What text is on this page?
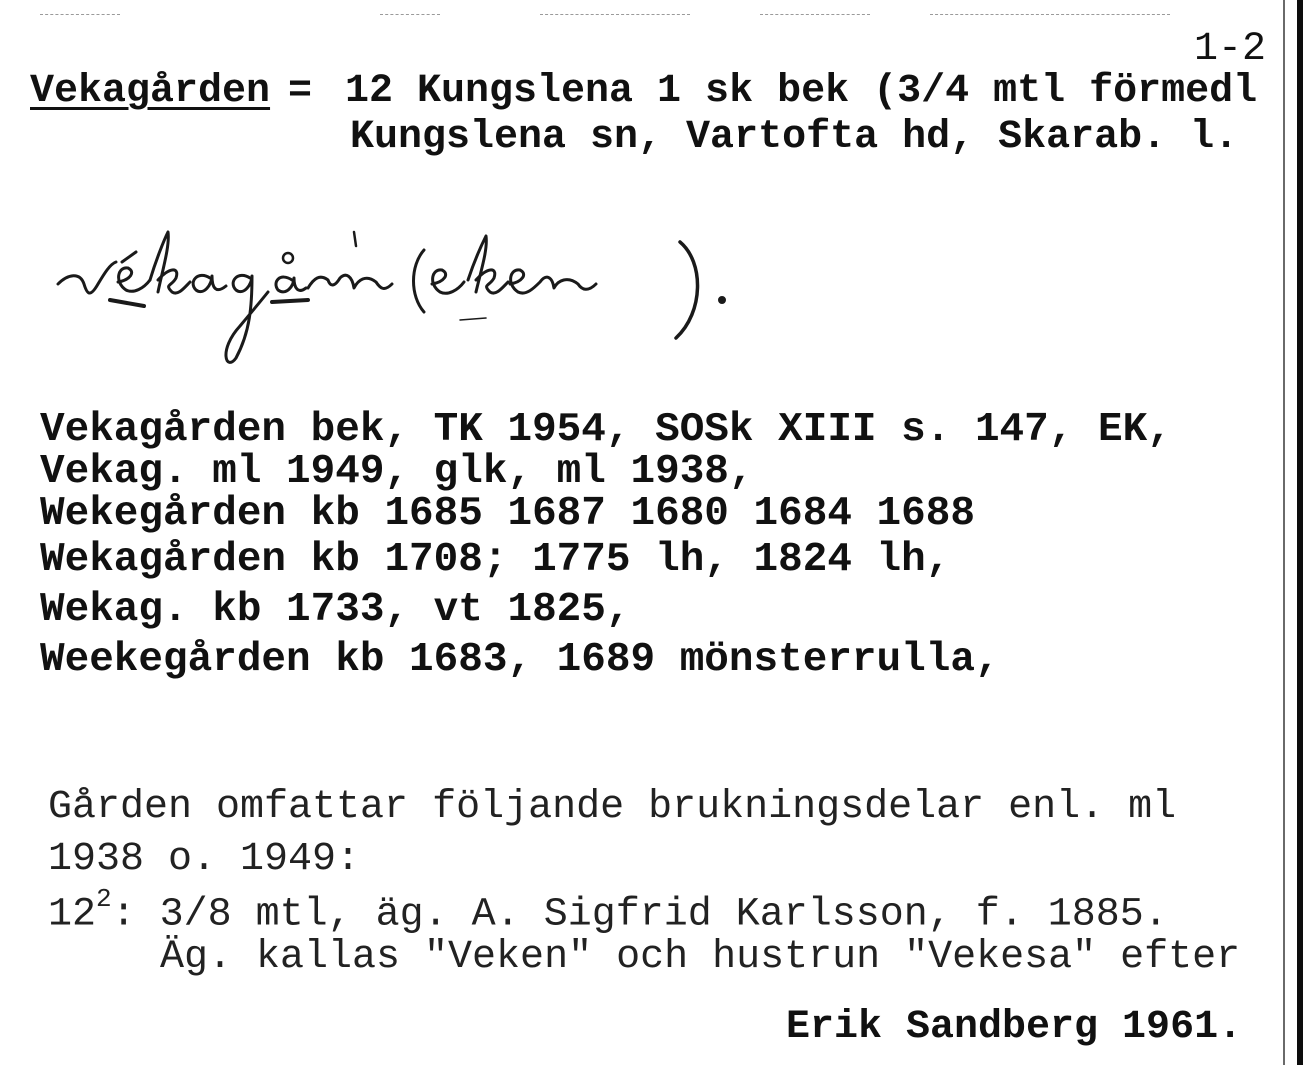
1-2
Vekagården = 12 Kungslena 1 sk bek (3/4 mtl förmedl
Kungslena sn, Vartofta hd, Skarab. l.
Vekagården bek, TK 1954, SOSk XIII s. 147, EK,
Vekag. ml 1949, glk, ml 1938,
Wekegården kb 1685 1687 1680 1684 1688
Wekagården kb 1708; 1775 lh, 1824 lh,
Wekag. kb 1733, vt 1825,
Weekegården kb 1683, 1689 mönsterrulla,
Gården omfattar följande brukningsdelar enl. ml
1938 o. 1949:
$12^2$: 3/8 mtl, äg. A. Sigfrid Karlsson, f. 1885.
Äg. kallas "Veken" och hustrun "Vekesa" efter
Erik Sandberg 1961.
